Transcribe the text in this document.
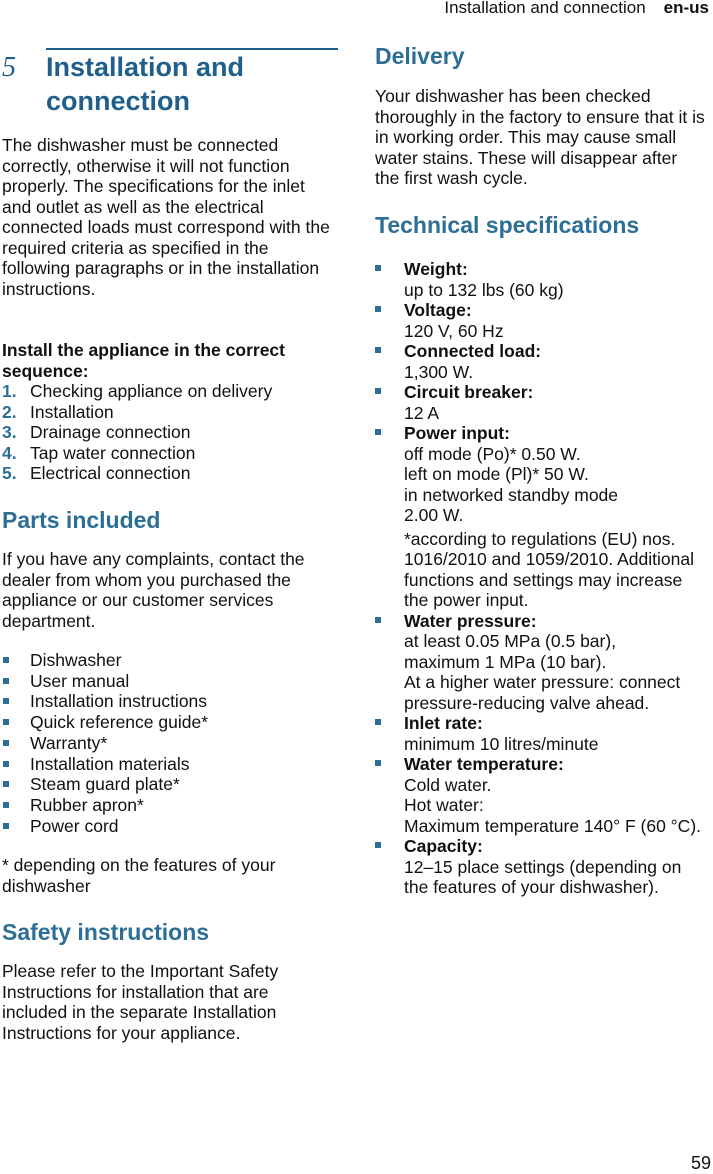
Installation and connection en-us
5 Installation and connection

The dishwasher must be connected correctly, otherwise it will not function properly. The specifications for the inlet and outlet as well as the electrical connected loads must correspond with the required criteria as specified in the following paragraphs or in the installation instructions.

Install the appliance in the correct sequence:

1. Checking appliance on delivery
2. Installation
3. Drainage connection
4. Tap water connection
5. Electrical connection
Parts included

If you have any complaints, contact the dealer from whom you purchased the appliance or our customer services department.

Dishwasher
User manual
Installation instructions
Quick reference guide*
Warranty*
Installation materials
Steam guard plate*
Rubber apron*
Power cord

* depending on the features of your dishwasher

Safety instructions

Please refer to the Important Safety Instructions for installation that are included in the separate Installation Instructions for your appliance.

Delivery

Your dishwasher has been checked thoroughly in the factory to ensure that it is in working order. This may cause small water stains. These will disappear after the first wash cycle.

Technical specifications
Weight:
up to 132 lbs (60 kg)
Voltage:
120 V, 60 Hz
Connected load:
1,300 W.
Circuit breaker:
12 A
Power input:
off mode (Po)* 0.50 W.
left on mode (Pl)* 50 W.
in networked standby mode
2.00 W.
*according to regulations (EU) nos. 1016/2010 and 1059/2010. Additional functions and settings may increase the power input.
Water pressure:
at least 0.05 MPa (0.5 bar),
maximum 1 MPa (10 bar).
At a higher water pressure: connect pressure-reducing valve ahead.
Inlet rate:
minimum 10 litres/minute
Water temperature:
Cold water.
Hot water:
Maximum temperature 140° F (60 °C).
Capacity:
12–15 place settings (depending on the features of your dishwasher).
59
